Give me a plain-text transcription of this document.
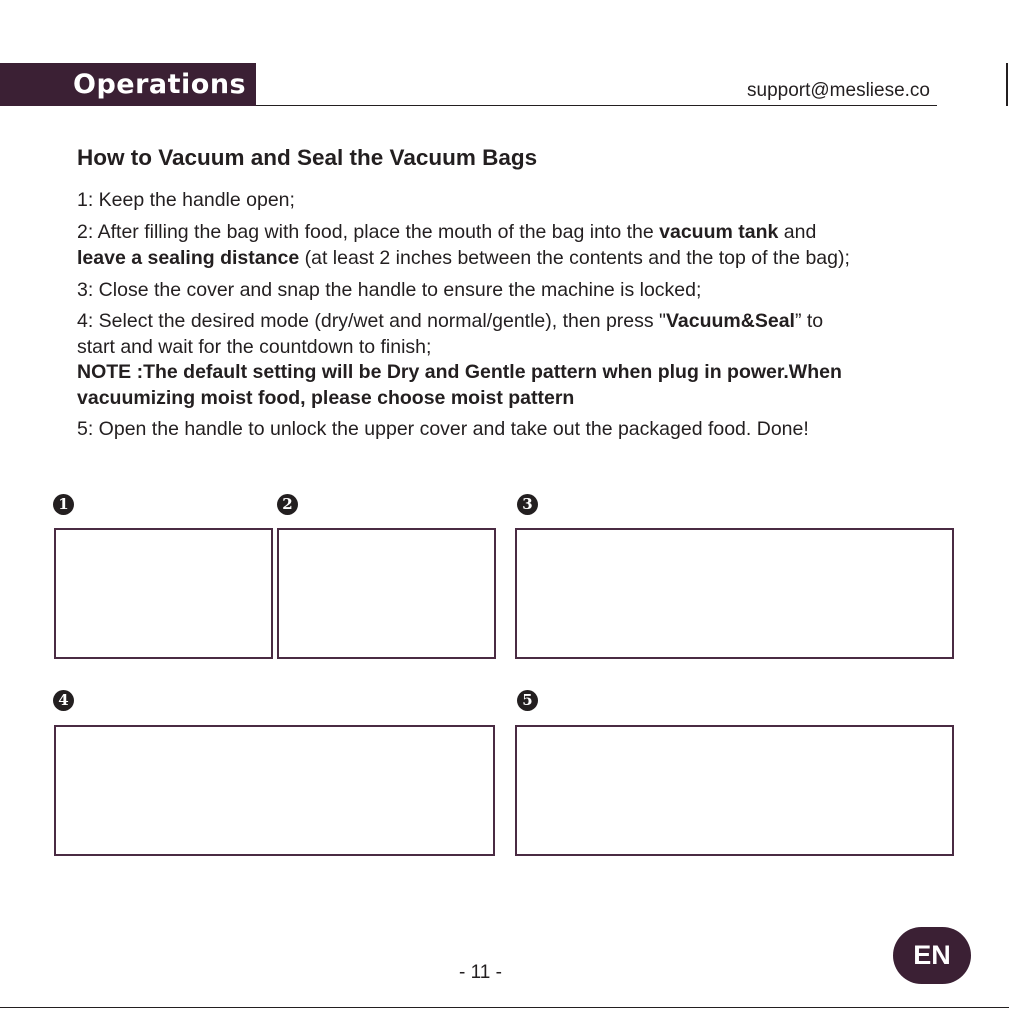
Operations	support@mesliese.co
How to Vacuum and Seal the Vacuum Bags

1: Keep the handle open;

2: After filling the bag with food, place the mouth of the bag into the vacuum tank and
leave a sealing distance (at least 2 inches between the contents and the top of the bag);

3: Close the cover and snap the handle to ensure the machine is locked;

4: Select the desired mode (dry/wet and normal/gentle), then press "Vacuum&Seal” to
start and wait for the countdown to finish;

NOTE :The default setting will be Dry and Gentle pattern when plug in power.When
vacuumizing moist food, please choose moist pattern

5: Open the handle to unlock the upper cover and take out the packaged food. Done!

1	2	3
4	5
- 11 -
EN
